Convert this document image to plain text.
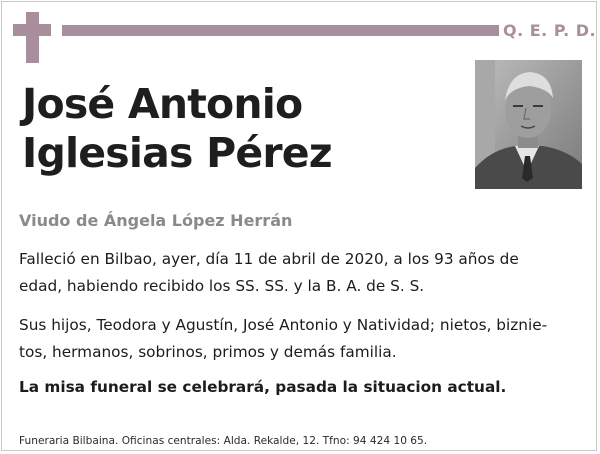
Q. E. P. D.
José Antonio
Iglesias Pérez
Viudo de Ángela López Herrán
Falleció en Bilbao, ayer, día 11 de abril de 2020, a los 93 años de
edad, habiendo recibido los SS. SS. y la B. A. de S. S.
Sus hijos, Teodora y Agustín, José Antonio y Natividad; nietos, biznie-
tos, hermanos, sobrinos, primos y demás familia.
La misa funeral se celebrará, pasada la situacion actual.
Funeraria Bilbaina. Oficinas centrales: Alda. Rekalde, 12. Tfno: 94 424 10 65.
